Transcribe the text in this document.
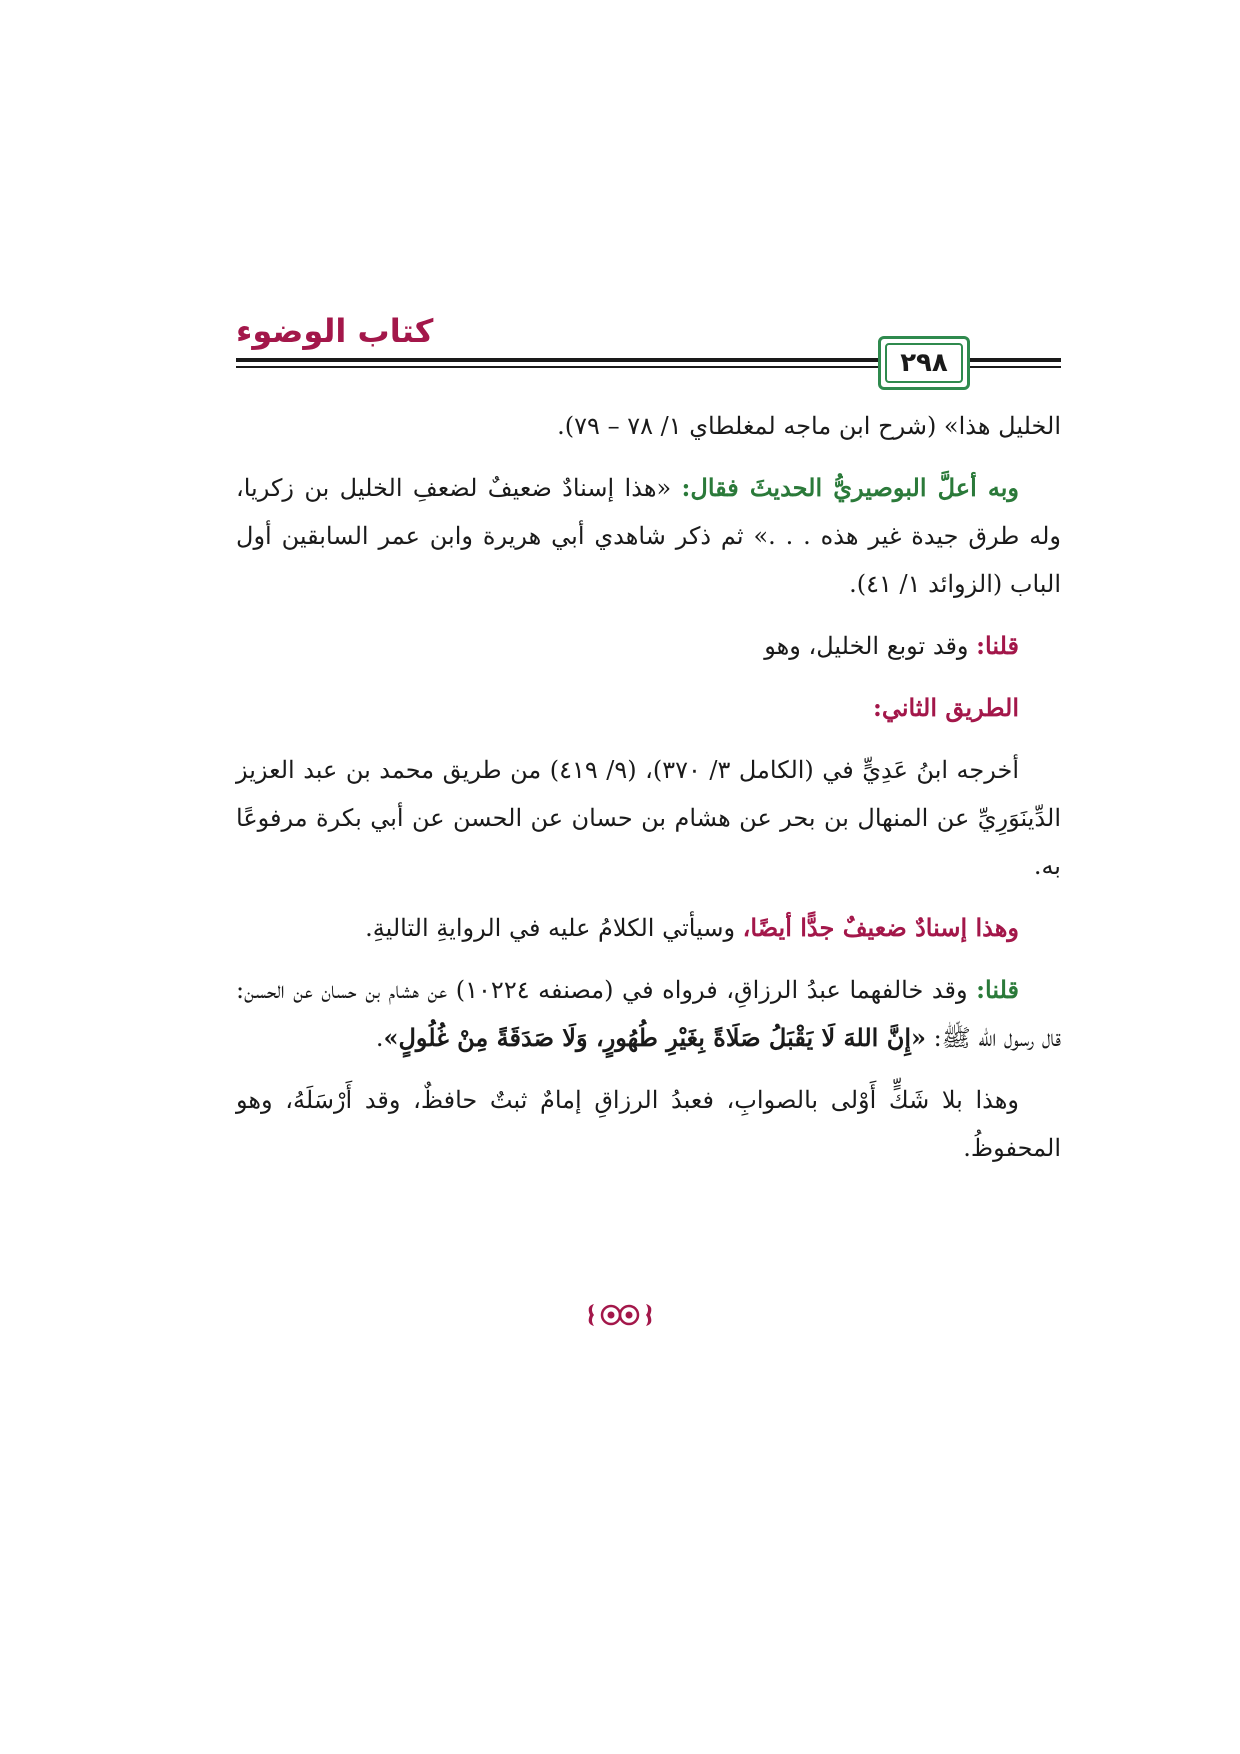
كتاب الوضوء
٢٩٨

الخليل هذا» (شرح ابن ماجه لمغلطاي ١/ ٧٨ – ٧٩).

وبه أعلَّ البوصيريُّ الحديثَ فقال: «هذا إسنادٌ ضعيفٌ لضعفِ الخليل بن زكريا، وله طرق جيدة غير هذه . . .» ثم ذكر شاهدي أبي هريرة وابن عمر السابقين أول الباب (الزوائد ١/ ٤١).

قلنا: وقد توبع الخليل، وهو

الطريق الثاني:

أخرجه ابنُ عَدِيٍّ في (الكامل ٣/ ٣٧٠)، (٩/ ٤١٩) من طريق محمد بن عبد العزيز الدِّينَوَرِيِّ عن المنهال بن بحر عن هشام بن حسان عن الحسن عن أبي بكرة مرفوعًا به.

وهذا إسنادٌ ضعيفٌ جدًّا أيضًا، وسيأتي الكلامُ عليه في الروايةِ التاليةِ.

قلنا: وقد خالفهما عبدُ الرزاقِ، فرواه في (مصنفه ١٠٢٢٤) عن هشام بن حسان عن الحسن: قال رسول الله ﷺ: «إِنَّ اللهَ لَا يَقْبَلُ صَلَاةً بِغَيْرِ طُهُورٍ، وَلَا صَدَقَةً مِنْ غُلُولٍ».

وهذا بلا شَكٍّ أَوْلى بالصوابِ، فعبدُ الرزاقِ إمامٌ ثبتٌ حافظٌ، وقد أَرْسَلَهُ، وهو المحفوظُ.
